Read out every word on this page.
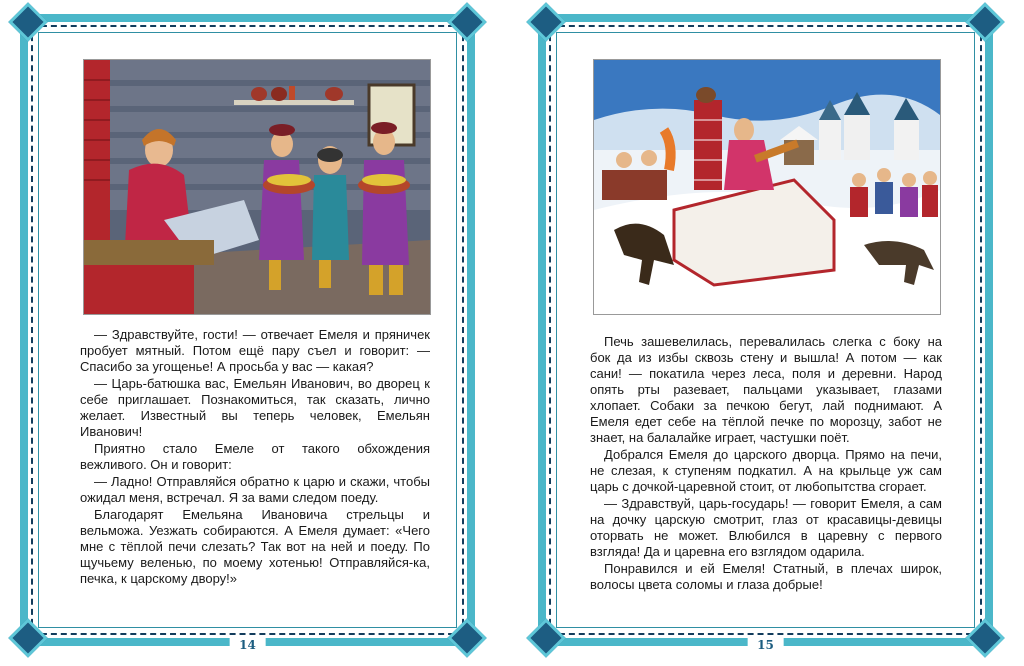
— Здравствуйте, гости! — отвечает Емеля и пряничек пробует мятный. Потом ещё пару съел и говорит: — Спасибо за угощенье! А просьба у вас — какая?

— Царь-батюшка вас, Емельян Иванович, во дворец к себе приглашает. Познакомиться, так сказать, лично желает. Известный вы теперь человек, Емельян Иванович!

Приятно стало Емеле от такого обхождения вежливого. Он и говорит:

— Ладно! Отправляйся обратно к царю и скажи, чтобы ожидал меня, встречал. Я за вами следом поеду.

Благодарят Емельяна Ивановича стрельцы и вельможа. Уезжать собираются. А Емеля думает: «Чего мне с тёплой печи слезать? Так вот на ней и поеду. По щучьему веленью, по моему хотенью! Отправляйся-ка, печка, к царскому двору!»

14

Печь зашевелилась, перевалилась слегка с боку на бок да из избы сквозь стену и вышла! А потом — как сани! — покатила через леса, поля и деревни. Народ опять рты разевает, пальцами указывает, глазами хлопает. Собаки за печкою бегут, лай поднимают. А Емеля едет себе на тёплой печке по морозцу, забот не знает, на балалайке играет, частушки поёт.

Добрался Емеля до царского дворца. Прямо на печи, не слезая, к ступеням подкатил. А на крыльце уж сам царь с дочкой-царевной стоит, от любопытства сгорает.

— Здравствуй, царь-государь! — говорит Емеля, а сам на дочку царскую смотрит, глаз от красавицы-девицы оторвать не может. Влюбился в царевну с первого взгляда! Да и царевна его взглядом одарила.

Понравился и ей Емеля! Статный, в плечах широк, волосы цвета соломы и глаза добрые!

15
